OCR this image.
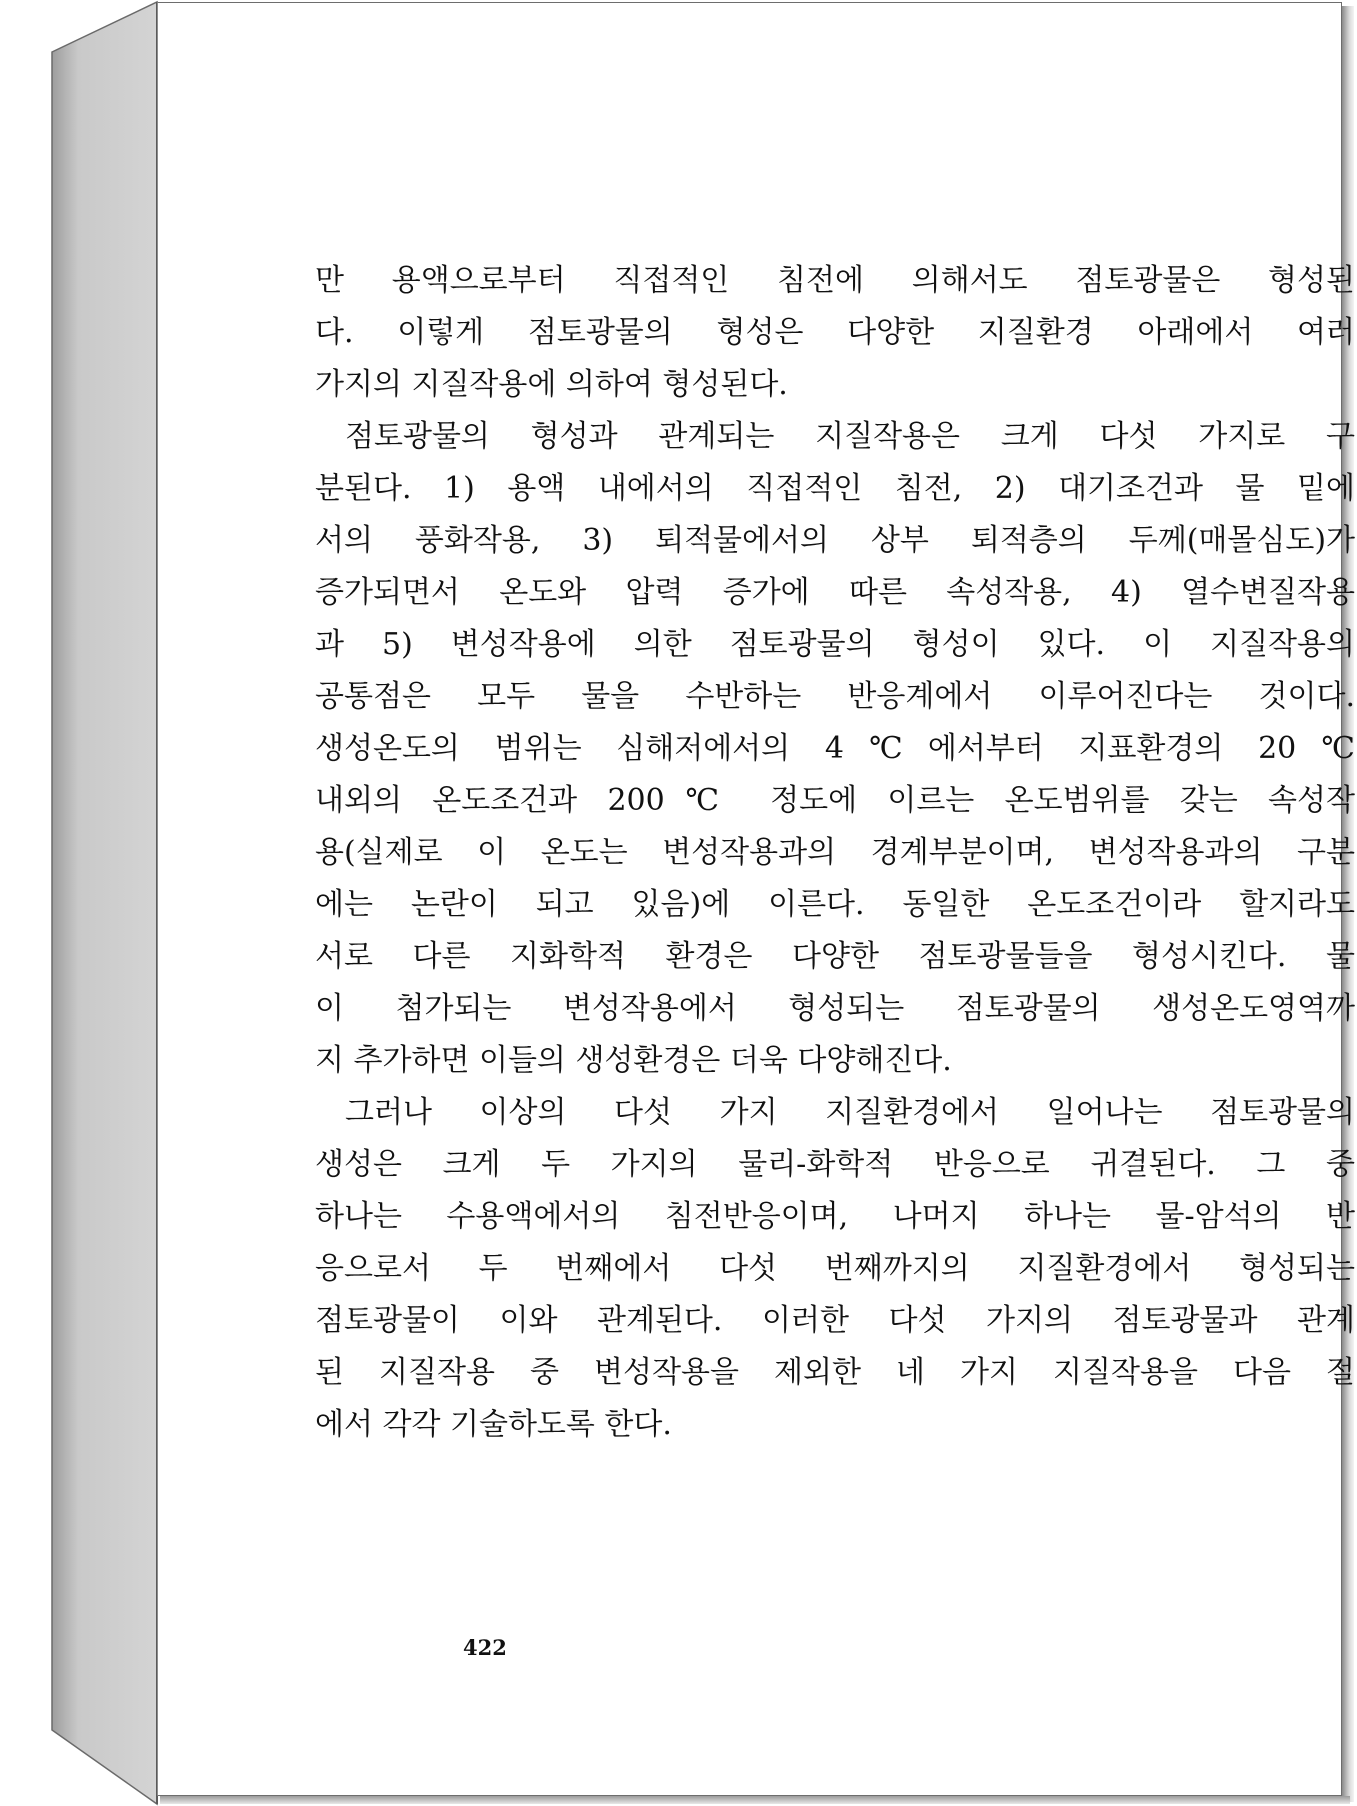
만 용액으로부터 직접적인 침전에 의해서도 점토광물은 형성된
다. 이렇게 점토광물의 형성은 다양한 지질환경 아래에서 여러
가지의 지질작용에 의하여 형성된다.
점토광물의 형성과 관계되는 지질작용은 크게 다섯 가지로 구
분된다. 1) 용액 내에서의 직접적인 침전, 2) 대기조건과 물 밑에
서의 풍화작용, 3) 퇴적물에서의 상부 퇴적층의 두께(매몰심도)가
증가되면서 온도와 압력 증가에 따른 속성작용, 4) 열수변질작용
과 5) 변성작용에 의한 점토광물의 형성이 있다. 이 지질작용의
공통점은 모두 물을 수반하는 반응계에서 이루어진다는 것이다.
생성온도의 범위는 심해저에서의 4℃에서부터 지표환경의 20℃
내외의 온도조건과 200℃ 정도에 이르는 온도범위를 갖는 속성작
용(실제로 이 온도는 변성작용과의 경계부분이며, 변성작용과의 구분
에는 논란이 되고 있음)에 이른다. 동일한 온도조건이라 할지라도
서로 다른 지화학적 환경은 다양한 점토광물들을 형성시킨다. 물
이 첨가되는 변성작용에서 형성되는 점토광물의 생성온도영역까
지 추가하면 이들의 생성환경은 더욱 다양해진다.
그러나 이상의 다섯 가지 지질환경에서 일어나는 점토광물의
생성은 크게 두 가지의 물리-화학적 반응으로 귀결된다. 그 중
하나는 수용액에서의 침전반응이며, 나머지 하나는 물-암석의 반
응으로서 두 번째에서 다섯 번째까지의 지질환경에서 형성되는
점토광물이 이와 관계된다. 이러한 다섯 가지의 점토광물과 관계
된 지질작용 중 변성작용을 제외한 네 가지 지질작용을 다음 절
에서 각각 기술하도록 한다.
422
